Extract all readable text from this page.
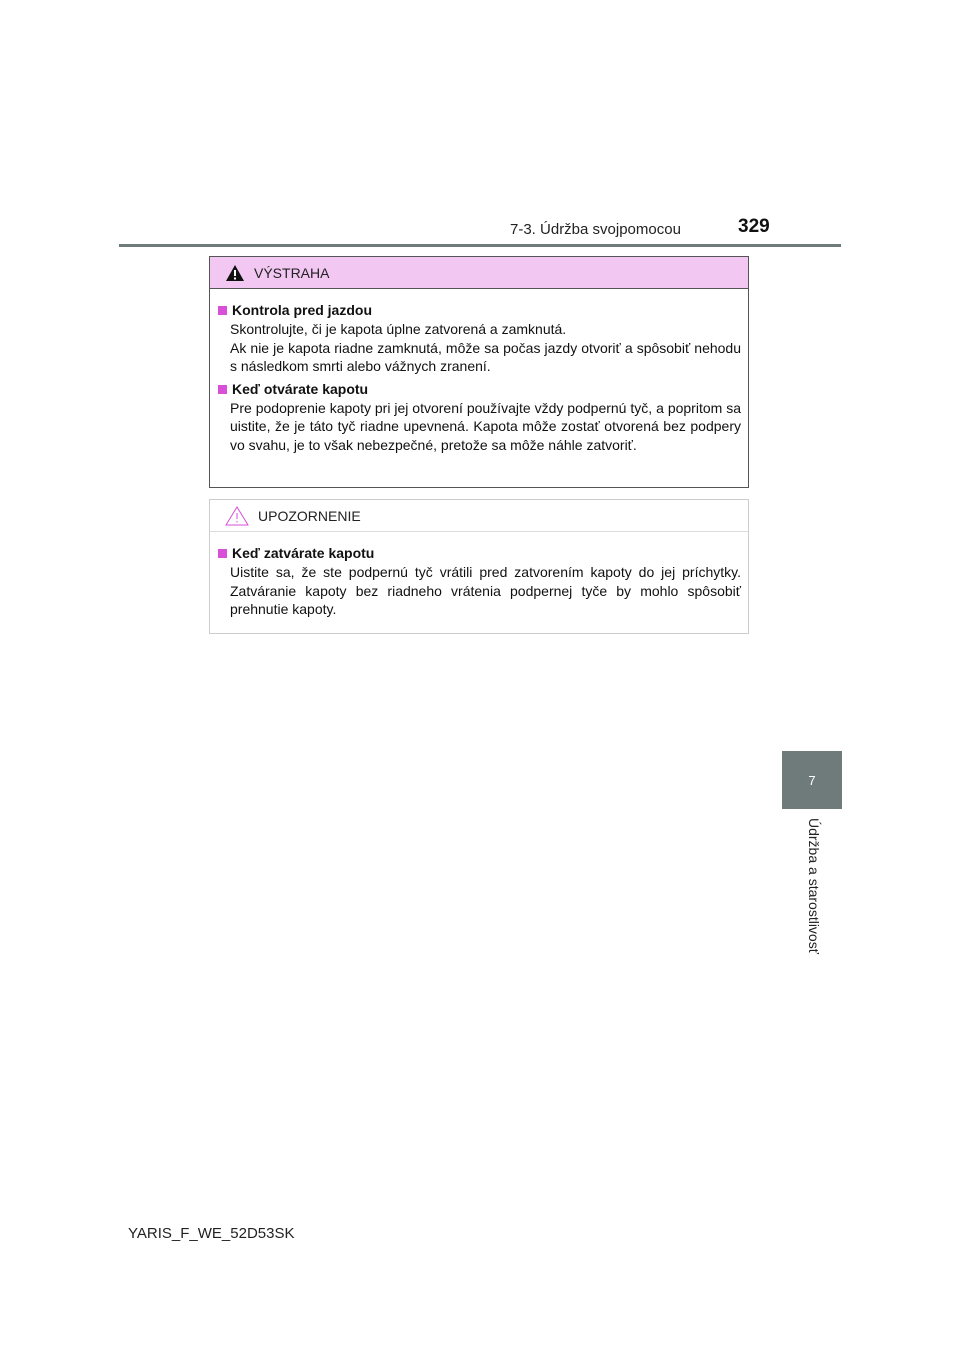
7-3. Údržba svojpomocou	329
VÝSTRAHA
Kontrola pred jazdou
Skontrolujte, či je kapota úplne zatvorená a zamknutá.
Ak nie je kapota riadne zamknutá, môže sa počas jazdy otvoriť a spôsobiť nehodu s následkom smrti alebo vážnych zranení.
Keď otvárate kapotu
Pre podoprenie kapoty pri jej otvorení používajte vždy podpernú tyč, a popritom sa uistite, že je táto tyč riadne upevnená. Kapota môže zostať otvorená bez podpery vo svahu, je to však nebezpečné, pretože sa môže náhle zatvoriť.
UPOZORNENIE
Keď zatvárate kapotu
Uistite sa, že ste podpernú tyč vrátili pred zatvorením kapoty do jej príchytky. Zatváranie kapoty bez riadneho vrátenia podpernej tyče by mohlo spôsobiť prehnutie kapoty.
7
Údržba a starostlivosť
YARIS_F_WE_52D53SK
